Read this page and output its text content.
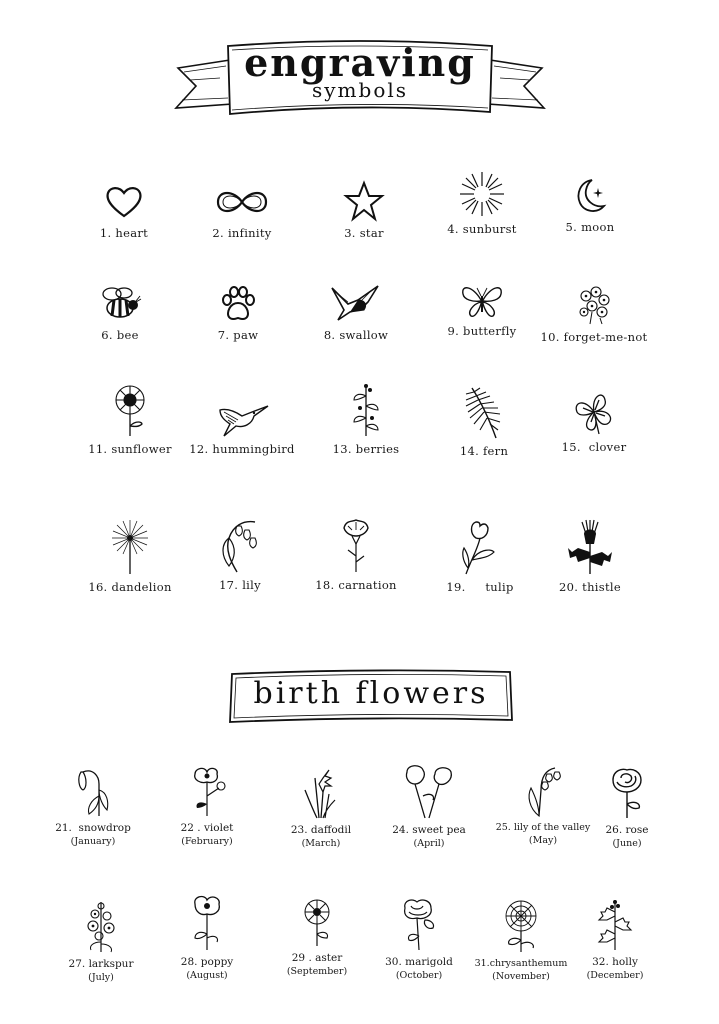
engraving
symbols
1. heart	2. infinity	3. star	4. sunburst	5. moon
6. bee	7. paw	8. swallow	9. butterfly	10. forget-me-not
11. sunflower	12. hummingbird	13. berries	14. fern	15.  clover
16. dandelion	17. lily	18. carnation	19.     tulip	20. thistle
birth flowers
21.  snowdrop
(January)
22 . violet
(February)
23. daffodil
(March)
24. sweet pea
(April)
25. lily of the valley
(May)
26. rose
(June)
27. larkspur
(July)
28. poppy
(August)
29 . aster
(September)
30. marigold
(October)
31.chrysanthemum
(November)
32. holly
(December)
